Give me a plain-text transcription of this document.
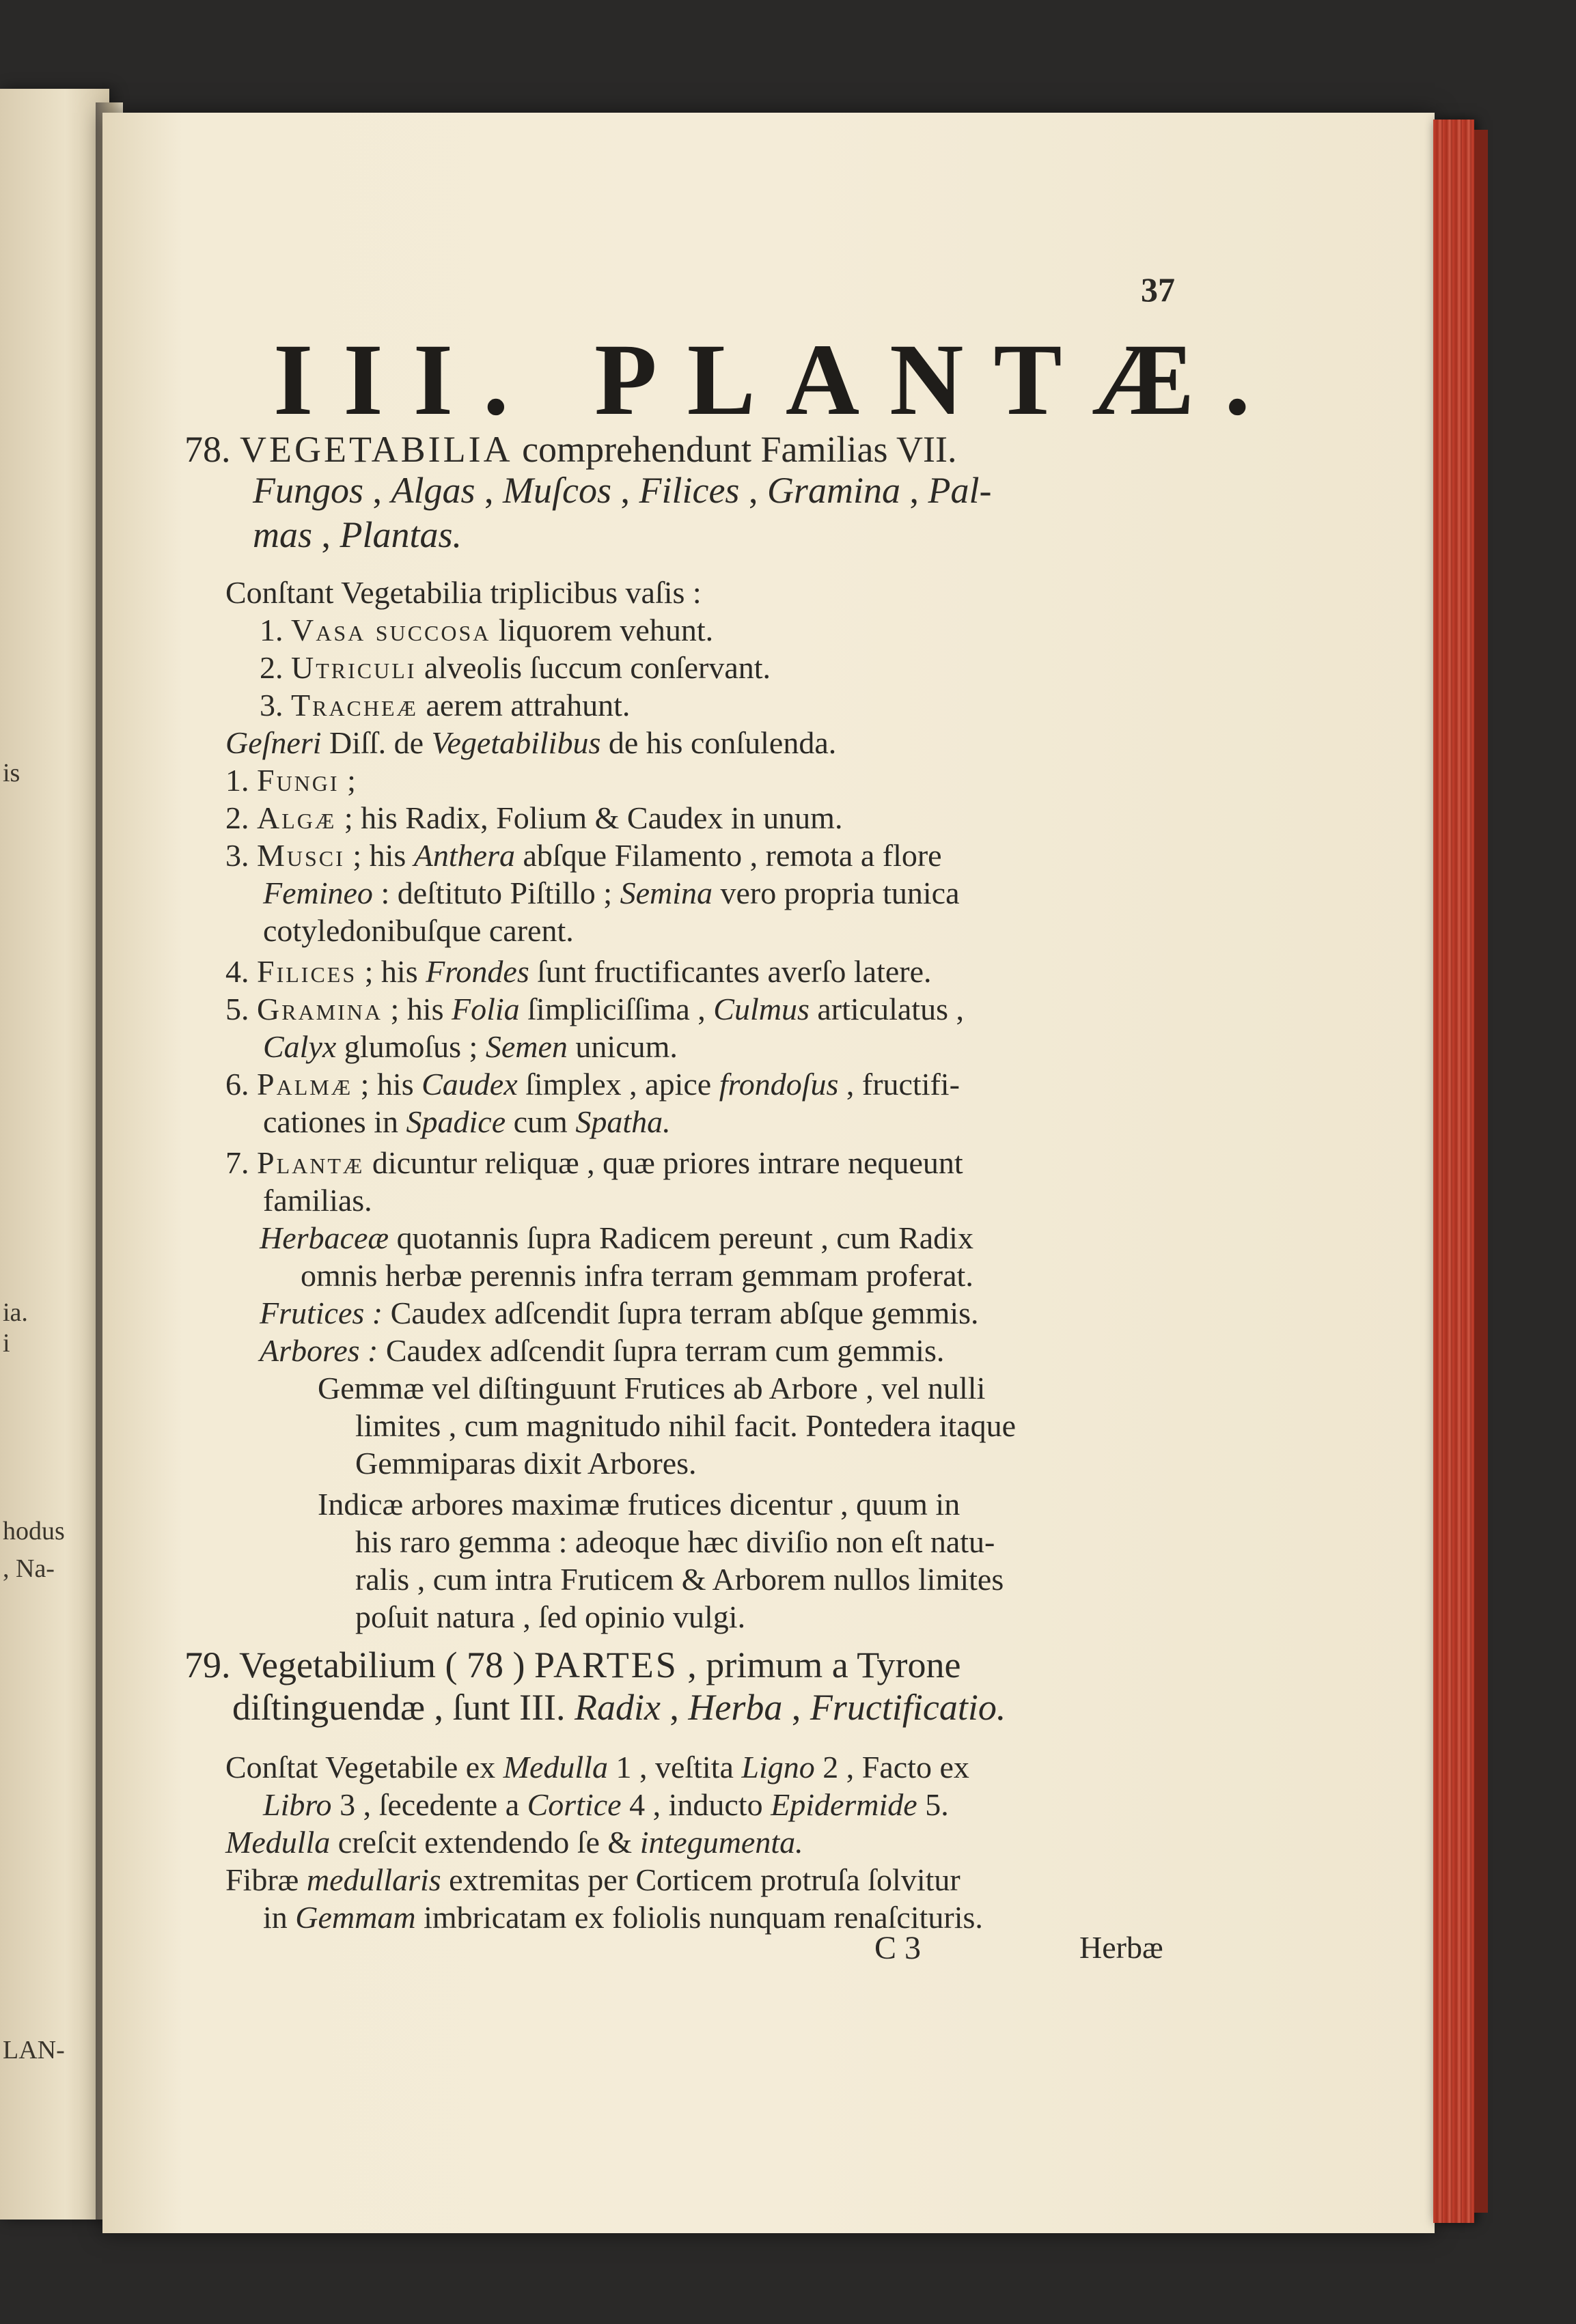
is
ia.
i
hodus
, Na-
LAN-
37
III. PLANTÆ.
78. VEGETABILIA comprehendunt Familias VII.
Fungos , Algas , Muſcos , Filices , Gramina , Pal-
mas , Plantas.
Conſtant Vegetabilia triplicibus vaſis :
1. Vasa succosa liquorem vehunt.
2. Utriculi alveolis ſuccum conſervant.
3. Tracheæ aerem attrahunt.
Geſneri Diſſ. de Vegetabilibus de his conſulenda.
1. Fungi ;
2. Algæ ; his Radix, Folium & Caudex in unum.
3. Musci ; his Anthera abſque Filamento , remota a flore
Femineo : deſtituto Piſtillo ; Semina vero propria tunica
cotyledonibuſque carent.
4. Filices ; his Frondes ſunt fructificantes averſo latere.
5. Gramina ; his Folia ſimpliciſſima , Culmus articulatus ,
Calyx glumoſus ; Semen unicum.
6. Palmæ ; his Caudex ſimplex , apice frondoſus , fructifi-
cationes in Spadice cum Spatha.
7. Plantæ dicuntur reliquæ , quæ priores intrare nequeunt
familias.
Herbaceæ quotannis ſupra Radicem pereunt , cum Radix
omnis herbæ perennis infra terram gemmam proferat.
Frutices : Caudex adſcendit ſupra terram abſque gemmis.
Arbores : Caudex adſcendit ſupra terram cum gemmis.
Gemmæ vel diſtinguunt Frutices ab Arbore , vel nulli
limites , cum magnitudo nihil facit. Pontedera itaque
Gemmiparas dixit Arbores.
Indicæ arbores maximæ frutices dicentur , quum in
his raro gemma : adeoque hæc diviſio non eſt natu-
ralis , cum intra Fruticem & Arborem nullos limites
poſuit natura , ſed opinio vulgi.
79. Vegetabilium ( 78 ) PARTES , primum a Tyrone
diſtinguendæ , ſunt III. Radix , Herba , Fructificatio.
Conſtat Vegetabile ex Medulla 1 , veſtita Ligno 2 , Facto ex
Libro 3 , ſecedente a Cortice 4 , inducto Epidermide 5.
Medulla creſcit extendendo ſe & integumenta.
Fibræ medullaris extremitas per Corticem protruſa ſolvitur
in Gemmam imbricatam ex foliolis nunquam renaſcituris.
C 3	Herbæ
